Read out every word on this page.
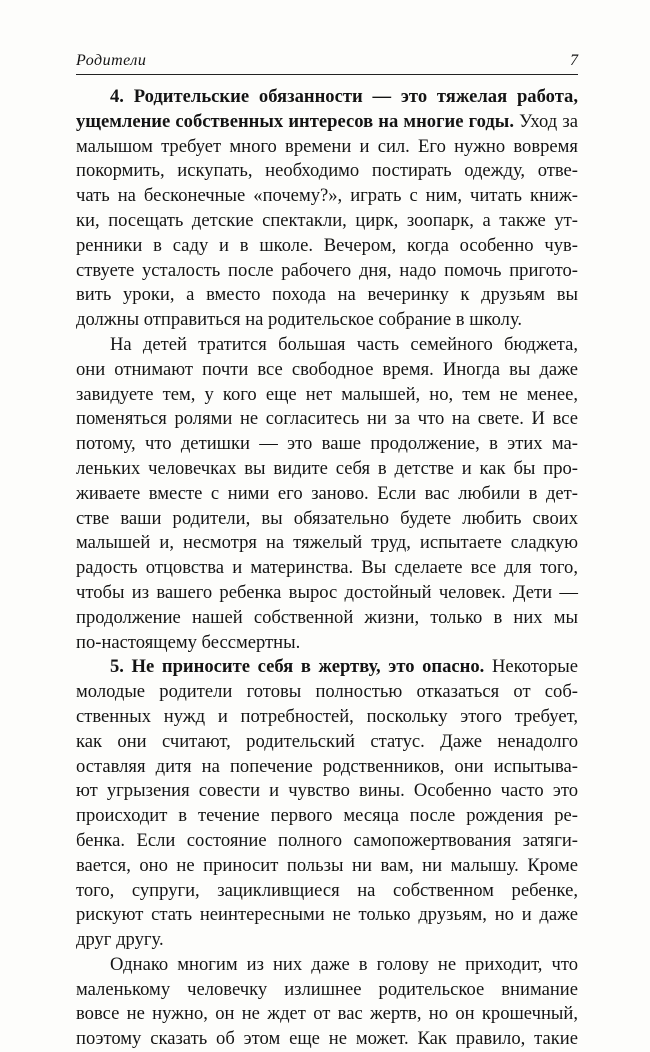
Родители	7
4. Родительские обязанности — это тяжелая работа,
ущемление собственных интересов на многие годы. Уход за
малышом требует много времени и сил. Его нужно вовремя
покормить, искупать, необходимо постирать одежду, отве-
чать на бесконечные «почему?», играть с ним, читать книж-
ки, посещать детские спектакли, цирк, зоопарк, а также ут-
ренники в саду и в школе. Вечером, когда особенно чув-
ствуете усталость после рабочего дня, надо помочь пригото-
вить уроки, а вместо похода на вечеринку к друзьям вы
должны отправиться на родительское собрание в школу.
На детей тратится большая часть семейного бюджета,
они отнимают почти все свободное время. Иногда вы даже
завидуете тем, у кого еще нет малышей, но, тем не менее,
поменяться ролями не согласитесь ни за что на свете. И все
потому, что детишки — это ваше продолжение, в этих ма-
леньких человечках вы видите себя в детстве и как бы про-
живаете вместе с ними его заново. Если вас любили в дет-
стве ваши родители, вы обязательно будете любить своих
малышей и, несмотря на тяжелый труд, испытаете сладкую
радость отцовства и материнства. Вы сделаете все для того,
чтобы из вашего ребенка вырос достойный человек. Дети —
продолжение нашей собственной жизни, только в них мы
по-настоящему бессмертны.
5. Не приносите себя в жертву, это опасно. Некоторые
молодые родители готовы полностью отказаться от соб-
ственных нужд и потребностей, поскольку этого требует,
как они считают, родительский статус. Даже ненадолго
оставляя дитя на попечение родственников, они испытыва-
ют угрызения совести и чувство вины. Особенно часто это
происходит в течение первого месяца после рождения ре-
бенка. Если состояние полного самопожертвования затяги-
вается, оно не приносит пользы ни вам, ни малышу. Кроме
того, супруги, зацикливщиеся на собственном ребенке,
рискуют стать неинтересными не только друзьям, но и даже
друг другу.
Однако многим из них даже в голову не приходит, что
маленькому человечку излишнее родительское внимание
вовсе не нужно, он не ждет от вас жертв, но он крошечный,
поэтому сказать об этом еще не может. Как правило, такие
